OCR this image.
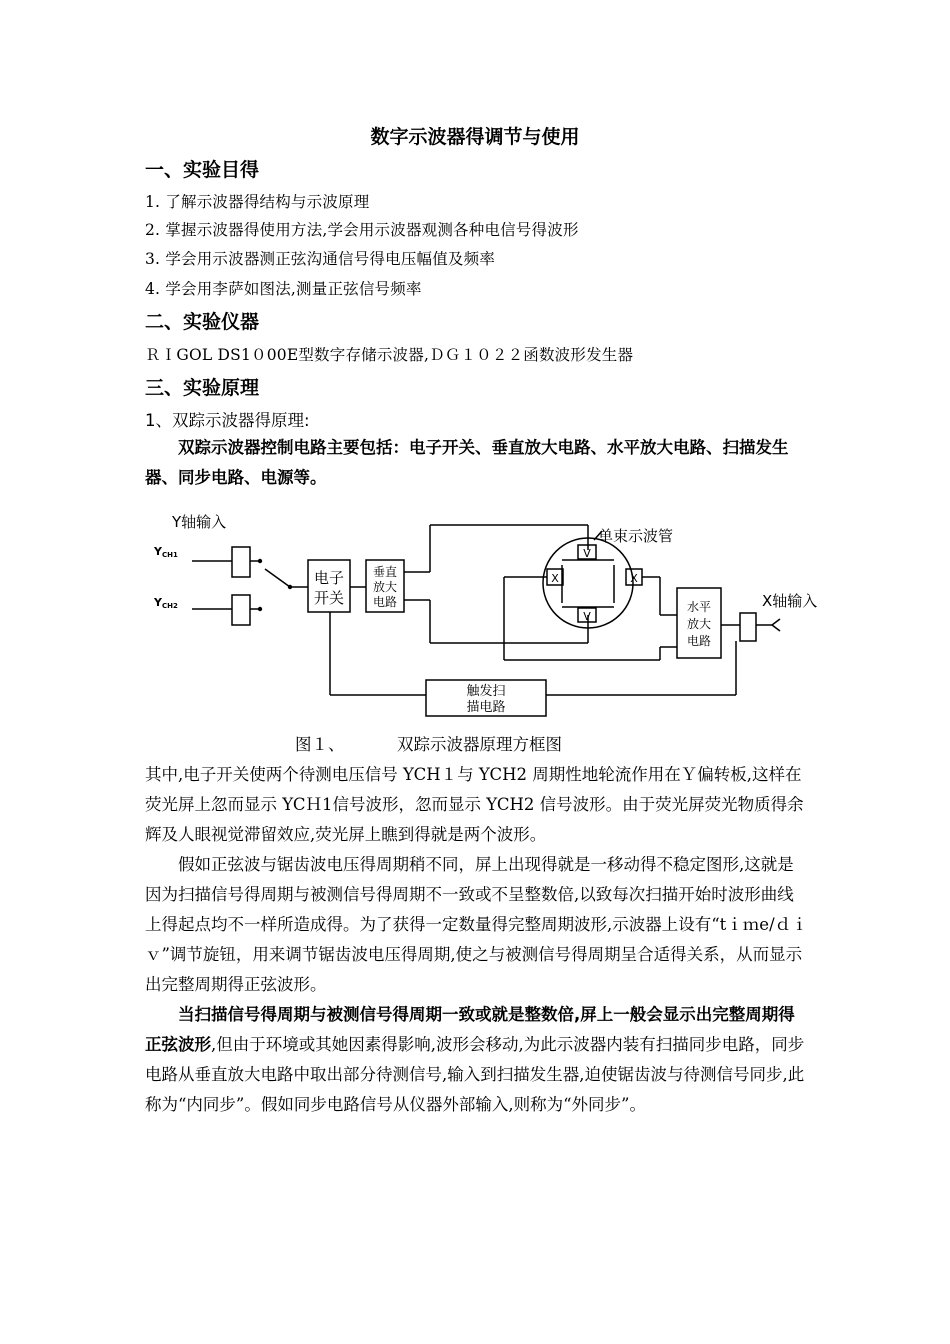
数字示波器得调节与使用
一、实验目得
1. 了解示波器得结构与示波原理
2. 掌握示波器得使用方法,学会用示波器观测各种电信号得波形
3. 学会用示波器测正弦沟通信号得电压幅值及频率
4. 学会用李萨如图法,测量正弦信号频率
二、实验仪器
ＲＩGOL DS1０00E型数字存储示波器,ＤＧ１０２２函数波形发生器
三、实验原理
1、双踪示波器得原理:

双踪示波器控制电路主要包括：电子开关、垂直放大电路、水平放大电路、扫描发生器、同步电路、电源等。

Y轴输入
YCH1
YCH2
电子
开关
垂直
放大
电路
单束示波管
V
V
X	X
水平
放大
电路
X轴输入
触发扫
描电路
图１、	双踪示波器原理方框图

其中,电子开关使两个待测电压信号 YCH１与 YCH2 周期性地轮流作用在Ｙ偏转板,这样在荧光屏上忽而显示 YCＨ1信号波形，忽而显示 YCH2 信号波形。由于荧光屏荧光物质得余辉及人眼视觉滞留效应,荧光屏上瞧到得就是两个波形。

假如正弦波与锯齿波电压得周期稍不同，屏上出现得就是一移动得不稳定图形,这就是因为扫描信号得周期与被测信号得周期不一致或不呈整数倍,以致每次扫描开始时波形曲线上得起点均不一样所造成得。为了获得一定数量得完整周期波形,示波器上设有“tｉｍe/ｄｉｖ”调节旋钮，用来调节锯齿波电压得周期,使之与被测信号得周期呈合适得关系，从而显示出完整周期得正弦波形。

当扫描信号得周期与被测信号得周期一致或就是整数倍,屏上一般会显示出完整周期得正弦波形,但由于环境或其她因素得影响,波形会移动,为此示波器内装有扫描同步电路，同步电路从垂直放大电路中取出部分待测信号,输入到扫描发生器,迫使锯齿波与待测信号同步,此称为“内同步”。假如同步电路信号从仪器外部输入,则称为“外同步”。
